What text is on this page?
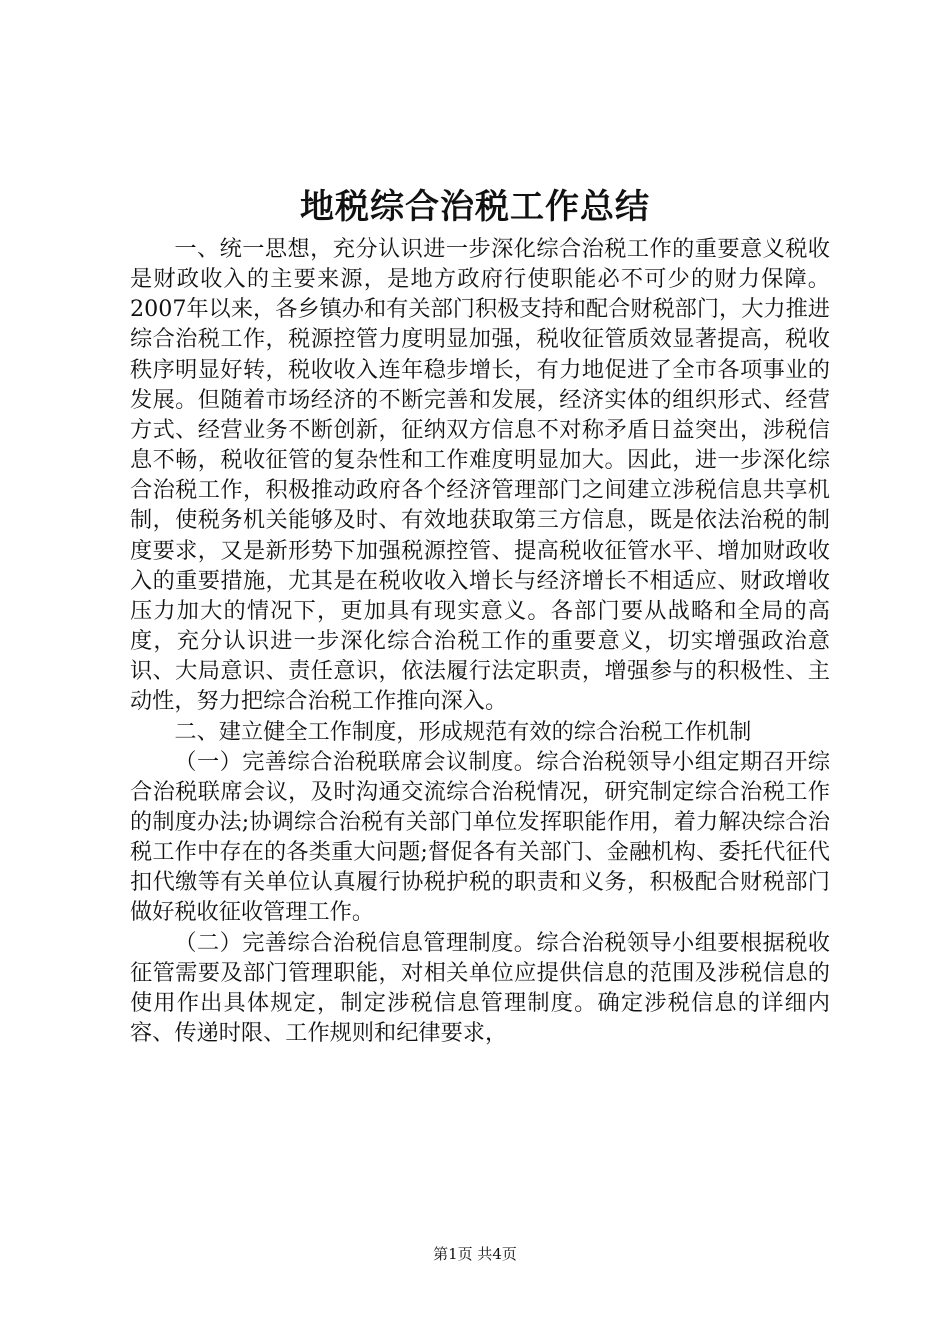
地税综合治税工作总结

一、统一思想，充分认识进一步深化综合治税工作的重要意义税收是财政收入的主要来源，是地方政府行使职能必不可少的财力保障。2007年以来，各乡镇办和有关部门积极支持和配合财税部门，大力推进综合治税工作，税源控管力度明显加强，税收征管质效显著提高，税收秩序明显好转，税收收入连年稳步增长，有力地促进了全市各项事业的发展。但随着市场经济的不断完善和发展，经济实体的组织形式、经营方式、经营业务不断创新，征纳双方信息不对称矛盾日益突出，涉税信息不畅，税收征管的复杂性和工作难度明显加大。因此，进一步深化综合治税工作，积极推动政府各个经济管理部门之间建立涉税信息共享机制，使税务机关能够及时、有效地获取第三方信息，既是依法治税的制度要求，又是新形势下加强税源控管、提高税收征管水平、增加财政收入的重要措施，尤其是在税收收入增长与经济增长不相适应、财政增收压力加大的情况下，更加具有现实意义。各部门要从战略和全局的高度，充分认识进一步深化综合治税工作的重要意义，切实增强政治意识、大局意识、责任意识，依法履行法定职责，增强参与的积极性、主动性，努力把综合治税工作推向深入。

二、建立健全工作制度，形成规范有效的综合治税工作机制

（一）完善综合治税联席会议制度。综合治税领导小组定期召开综合治税联席会议，及时沟通交流综合治税情况，研究制定综合治税工作的制度办法;协调综合治税有关部门单位发挥职能作用，着力解决综合治税工作中存在的各类重大问题;督促各有关部门、金融机构、委托代征代扣代缴等有关单位认真履行协税护税的职责和义务，积极配合财税部门做好税收征收管理工作。

（二）完善综合治税信息管理制度。综合治税领导小组要根据税收征管需要及部门管理职能，对相关单位应提供信息的范围及涉税信息的使用作出具体规定，制定涉税信息管理制度。确定涉税信息的详细内容、传递时限、工作规则和纪律要求，

第1页 共4页
